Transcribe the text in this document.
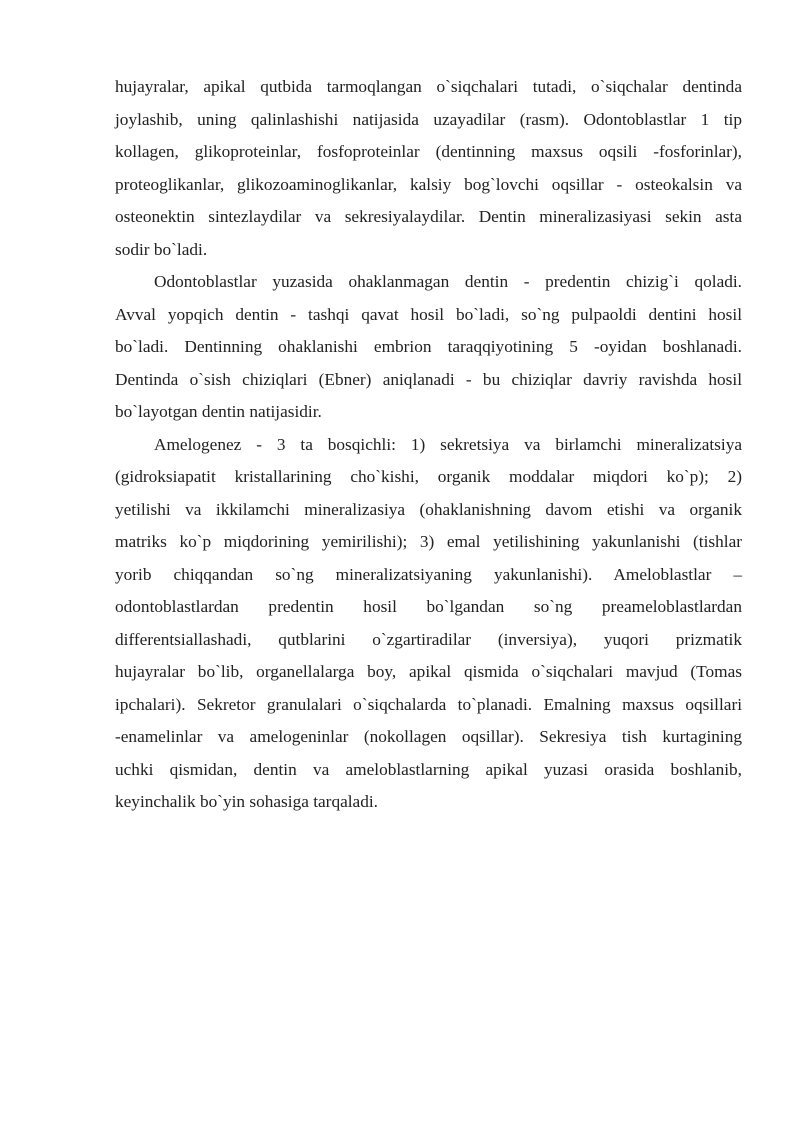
hujayralar, apikal qutbida tarmoqlangan o`siqchalari tutadi, o`siqchalar dentinda
joylashib, uning qalinlashishi natijasida uzayadilar (rasm). Odontoblastlar 1 tip
kollagen, glikoproteinlar, fosfoproteinlar (dentinning maxsus oqsili -fosforinlar),
proteoglikanlar, glikozoaminoglikanlar, kalsiy bog`lovchi oqsillar - osteokalsin va
osteonektin sintezlaydilar va sekresiyalaydilar. Dentin mineralizasiyasi sekin asta
sodir bo`ladi.
Odontoblastlar yuzasida ohaklanmagan dentin - predentin chizig`i qoladi.
Avval yopqich dentin - tashqi qavat hosil bo`ladi, so`ng pulpaoldi dentini hosil
bo`ladi. Dentinning ohaklanishi embrion taraqqiyotining 5 -oyidan boshlanadi.
Dentinda o`sish chiziqlari (Ebner) aniqlanadi - bu chiziqlar davriy ravishda hosil
bo`layotgan dentin natijasidir.
Amelogenez - 3 ta bosqichli: 1) sekretsiya va birlamchi mineralizatsiya
(gidroksiapatit kristallarining cho`kishi, organik moddalar miqdori ko`p); 2)
yetilishi va ikkilamchi mineralizasiya (ohaklanishning davom etishi va organik
matriks ko`p miqdorining yemirilishi); 3) emal yetilishining yakunlanishi (tishlar
yorib chiqqandan so`ng mineralizatsiyaning yakunlanishi). Ameloblastlar –
odontoblastlardan predentin hosil bo`lgandan so`ng preameloblastlardan
differentsiallashadi, qutblarini o`zgartiradilar (inversiya), yuqori prizmatik
hujayralar bo`lib, organellalarga boy, apikal qismida o`siqchalari mavjud (Tomas
ipchalari). Sekretor granulalari o`siqchalarda to`planadi. Emalning maxsus oqsillari
-enamelinlar va amelogeninlar (nokollagen oqsillar). Sekresiya tish kurtagining
uchki qismidan, dentin va ameloblastlarning apikal yuzasi orasida boshlanib,
keyinchalik bo`yin sohasiga tarqaladi.
